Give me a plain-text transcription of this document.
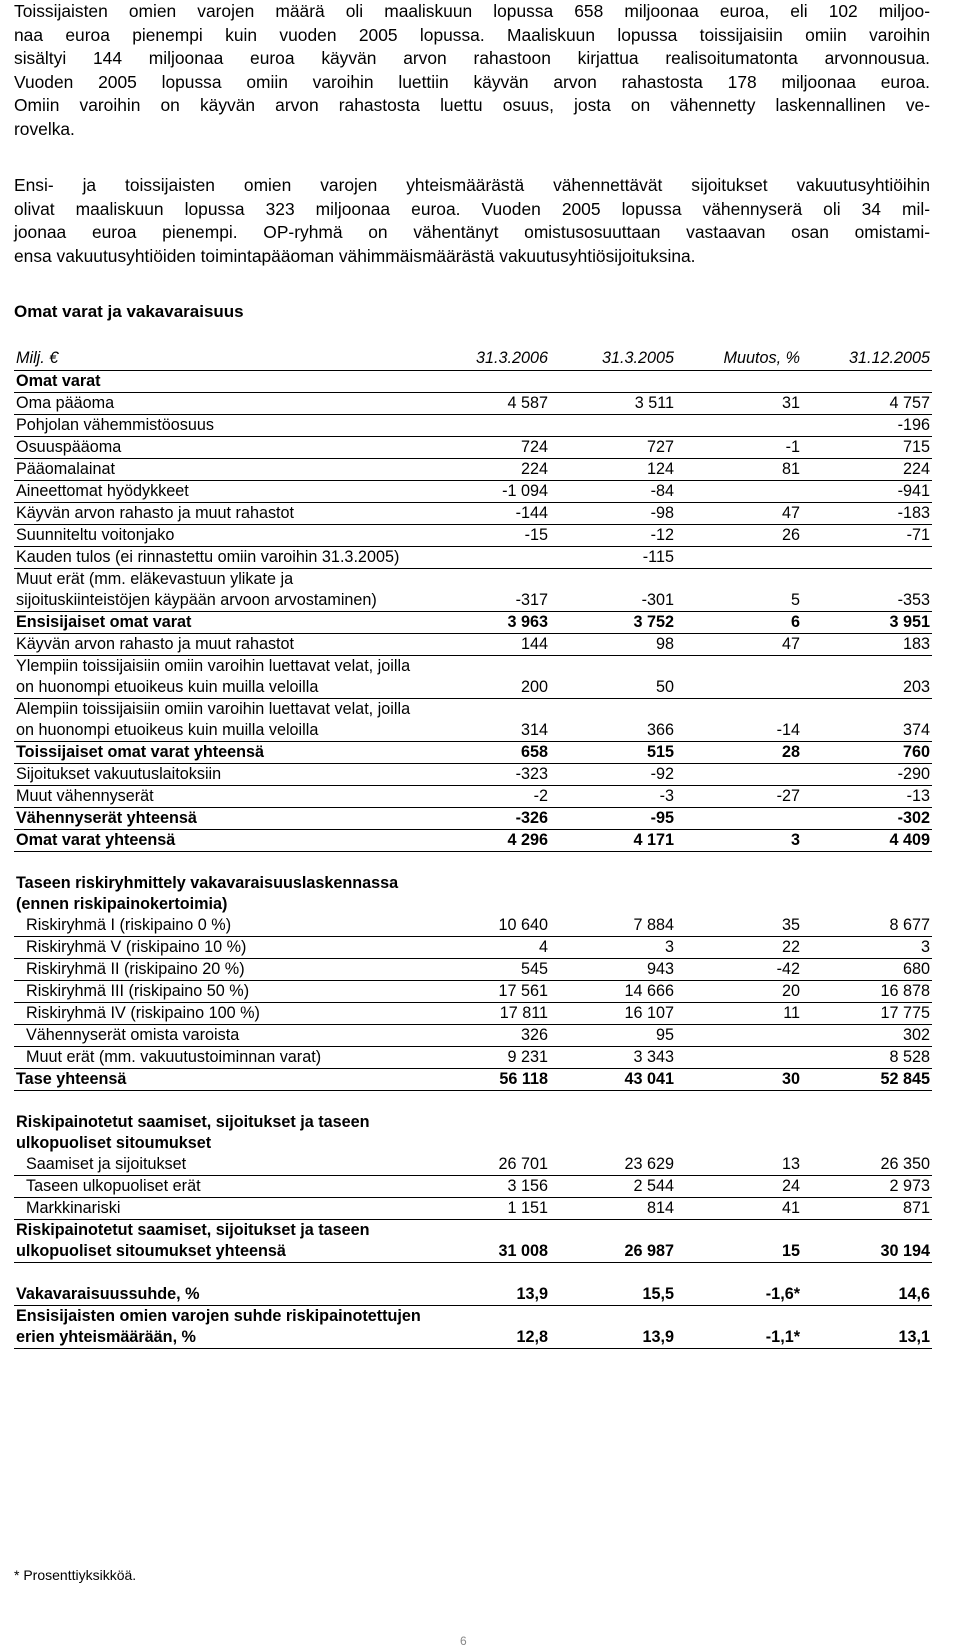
Toissijaisten omien varojen määrä oli maaliskuun lopussa 658 miljoonaa euroa, eli 102 miljoo-
naa euroa pienempi kuin vuoden 2005 lopussa. Maaliskuun lopussa toissijaisiin omiin varoihin
sisältyi 144 miljoonaa euroa käyvän arvon rahastoon kirjattua realisoitumatonta arvonnousua.
Vuoden 2005 lopussa omiin varoihin luettiin käyvän arvon rahastosta 178 miljoonaa euroa.
Omiin varoihin on käyvän arvon rahastosta luettu osuus, josta on vähennetty laskennallinen ve-
rovelka.
Ensi- ja toissijaisten omien varojen yhteismäärästä vähennettävät sijoitukset vakuutusyhtiöihin
olivat maaliskuun lopussa 323 miljoonaa euroa. Vuoden 2005 lopussa vähennyserä oli 34 mil-
joonaa euroa pienempi. OP-ryhmä on vähentänyt omistusosuuttaan vastaavan osan omistami-
ensa vakuutusyhtiöiden toimintapääoman vähimmäismäärästä vakuutusyhtiösijoituksina.
Omat varat ja vakavaraisuus
Milj. €	31.3.2006	31.3.2005	Muutos, %	31.12.2005
Omat varat				
Oma pääoma	4 587	3 511	31	4 757
Pohjolan vähemmistöosuus				-196
Osuuspääoma	724	727	-1	715
Pääomalainat	224	124	81	224
Aineettomat hyödykkeet	-1 094	-84		-941
Käyvän arvon rahasto ja muut rahastot	-144	-98	47	-183
Suunniteltu voitonjako	-15	-12	26	-71
Kauden tulos (ei rinnastettu omiin varoihin 31.3.2005)		-115		
Muut erät (mm. eläkevastuun ylikate ja sijoituskiinteistöjen käypään arvoon arvostaminen)	-317	-301	5	-353
Ensisijaiset omat varat	3 963	3 752	6	3 951
Käyvän arvon rahasto ja muut rahastot	144	98	47	183
Ylempiin toissijaisiin omiin varoihin luettavat velat, joilla on huonompi etuoikeus kuin muilla veloilla	200	50		203
Alempiin toissijaisiin omiin varoihin luettavat velat, joilla on huonompi etuoikeus kuin muilla veloilla	314	366	-14	374
Toissijaiset omat varat yhteensä	658	515	28	760
Sijoitukset vakuutuslaitoksiin	-323	-92		-290
Muut vähennyserät	-2	-3	-27	-13
Vähennyserät yhteensä	-326	-95		-302
Omat varat yhteensä	4 296	4 171	3	4 409

Taseen riskiryhmittely vakavaraisuuslaskennassa (ennen riskipainokertoimia)				
Riskiryhmä I (riskipaino 0 %)	10 640	7 884	35	8 677
Riskiryhmä V (riskipaino 10 %)	4	3	22	3
Riskiryhmä II (riskipaino 20 %)	545	943	-42	680
Riskiryhmä III (riskipaino 50 %)	17 561	14 666	20	16 878
Riskiryhmä IV (riskipaino 100 %)	17 811	16 107	11	17 775
Vähennyserät omista varoista	326	95		302
Muut erät (mm. vakuutustoiminnan varat)	9 231	3 343		8 528
Tase yhteensä	56 118	43 041	30	52 845

Riskipainotetut saamiset, sijoitukset ja taseen ulkopuoliset sitoumukset				
Saamiset ja sijoitukset	26 701	23 629	13	26 350
Taseen ulkopuoliset erät	3 156	2 544	24	2 973
Markkinariski	1 151	814	41	871
Riskipainotetut saamiset, sijoitukset ja taseen ulkopuoliset sitoumukset yhteensä	31 008	26 987	15	30 194

Vakavaraisuussuhde, %	13,9	15,5	-1,6*	14,6
Ensisijaisten omien varojen suhde riskipainotettujen erien yhteismäärään, %	12,8	13,9	-1,1*	13,1
* Prosenttiyksikköä.
6
